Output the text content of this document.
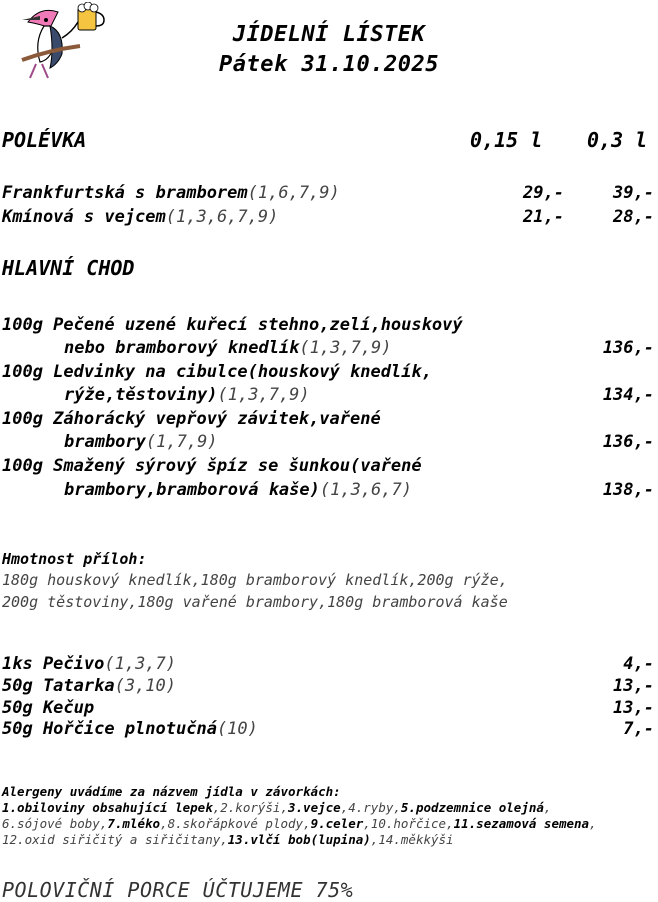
JÍDELNÍ LÍSTEK
Pátek 31.10.2025
POLÉVKA	0,15 l 0,3 l
Frankfurtská s bramborem(1,6,7,9)	29,-	39,-
Kmínová s vejcem(1,3,6,7,9)	21,-	28,-
HLAVNÍ CHOD
100g Pečené uzené kuřecí stehno,zelí,houskový
nebo bramborový knedlík(1,3,7,9)	136,-
100g Ledvinky na cibulce(houskový knedlík,
rýže,těstoviny)(1,3,7,9)	134,-
100g Záhorácký vepřový závitek,vařené
brambory(1,7,9)	136,-
100g Smažený sýrový špíz se šunkou(vařené
brambory,bramborová kaše)(1,3,6,7)	138,-
Hmotnost příloh:
180g houskový knedlík,180g bramborový knedlík,200g rýže,
200g těstoviny,180g vařené brambory,180g bramborová kaše
1ks Pečivo(1,3,7)	4,-
50g Tatarka(3,10)	13,-
50g Kečup	13,-
50g Hořčice plnotučná(10)	7,-
Alergeny uvádíme za názvem jídla v závorkách:
1.obiloviny obsahující lepek,2.korýši,3.vejce,4.ryby,5.podzemnice olejná,
6.sójové boby,7.mléko,8.skořápkové plody,9.celer,10.hořčice,11.sezamová semena,
12.oxid siřičitý a siřičitany,13.vlčí bob(lupina),14.měkkýši
POLOVIČNÍ PORCE ÚČTUJEME 75%
